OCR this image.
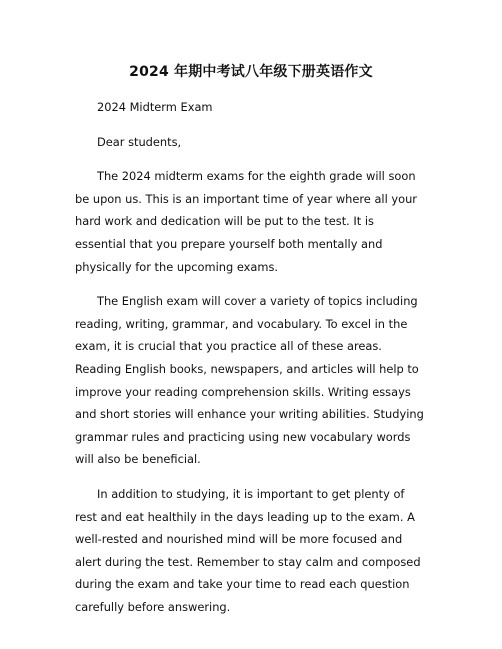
2024 年期中考试八年级下册英语作文

2024 Midterm Exam

Dear students,

The 2024 midterm exams for the eighth grade will soon be upon us. This is an important time of year where all your hard work and dedication will be put to the test. It is essential that you prepare yourself both mentally and physically for the upcoming exams.

The English exam will cover a variety of topics including reading, writing, grammar, and vocabulary. To excel in the exam, it is crucial that you practice all of these areas. Reading English books, newspapers, and articles will help to improve your reading comprehension skills. Writing essays and short stories will enhance your writing abilities. Studying grammar rules and practicing using new vocabulary words will also be beneficial.

In addition to studying, it is important to get plenty of rest and eat healthily in the days leading up to the exam. A well-rested and nourished mind will be more focused and alert during the test. Remember to stay calm and composed during the exam and take your time to read each question carefully before answering.
